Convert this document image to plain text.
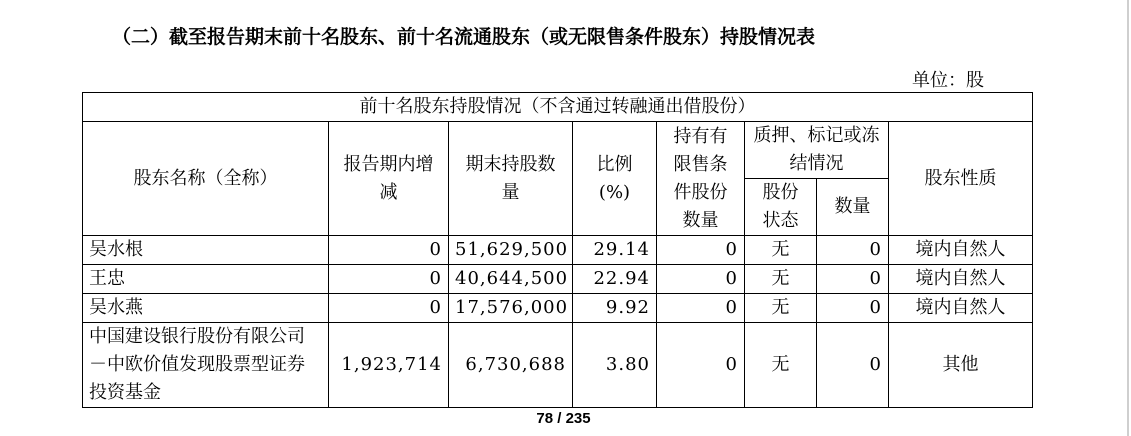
（二）截至报告期末前十名股东、前十名流通股东（或无限售条件股东）持股情况表
单位：股
前十名股东持股情况（不含通过转融通出借股份）							
股东名称（全称）	报告期内增减	期末持股数量	比例(%)	持有有限售条件股份数量	质押、标记或冻结情况		股东性质
					股份状态	数量	
吴水根	0	51,629,500	29.14	0	无	0	境内自然人
王忠	0	40,644,500	22.94	0	无	0	境内自然人
吴水燕	0	17,576,000	9.92	0	无	0	境内自然人
中国建设银行股份有限公司－中欧价值发现股票型证券投资基金	1,923,714	6,730,688	3.80	0	无	0	其他
78 / 235
